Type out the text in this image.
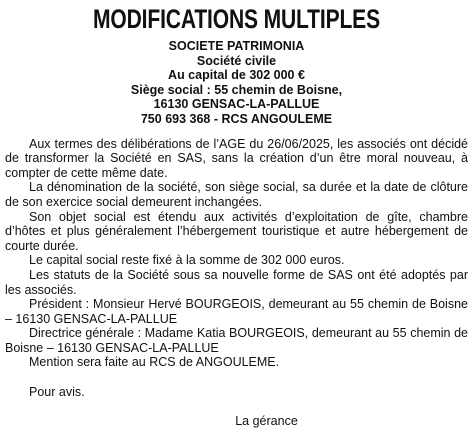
MODIFICATIONS MULTIPLES
SOCIETE PATRIMONIA
Société civile
Au capital de 302 000 €
Siège social : 55 chemin de Boisne,
16130 GENSAC-LA-PALLUE
750 693 368 - RCS ANGOULEME

Aux termes des délibérations de l’AGE du 26/06/2025, les associés ont décidé de transformer la Société en SAS, sans la création d’un être moral nouveau, à compter de cette même date.

La dénomination de la société, son siège social, sa durée et la date de clôture de son exercice social demeurent inchangées.

Son objet social est étendu aux activités d’exploitation de gîte, chambre d’hôtes et plus généralement l’hébergement touristique et autre hébergement de courte durée.

Le capital social reste fixé à la somme de 302 000 euros.

Les statuts de la Société sous sa nouvelle forme de SAS ont été adoptés par les associés.

Président : Monsieur Hervé BOURGEOIS, demeurant au 55 chemin de Boisne – 16130 GENSAC-LA-PALLUE

Directrice générale : Madame Katia BOURGEOIS, demeurant au 55 chemin de Boisne – 16130 GENSAC-LA-PALLUE

Mention sera faite au RCS de ANGOULEME.

Pour avis.

La gérance
